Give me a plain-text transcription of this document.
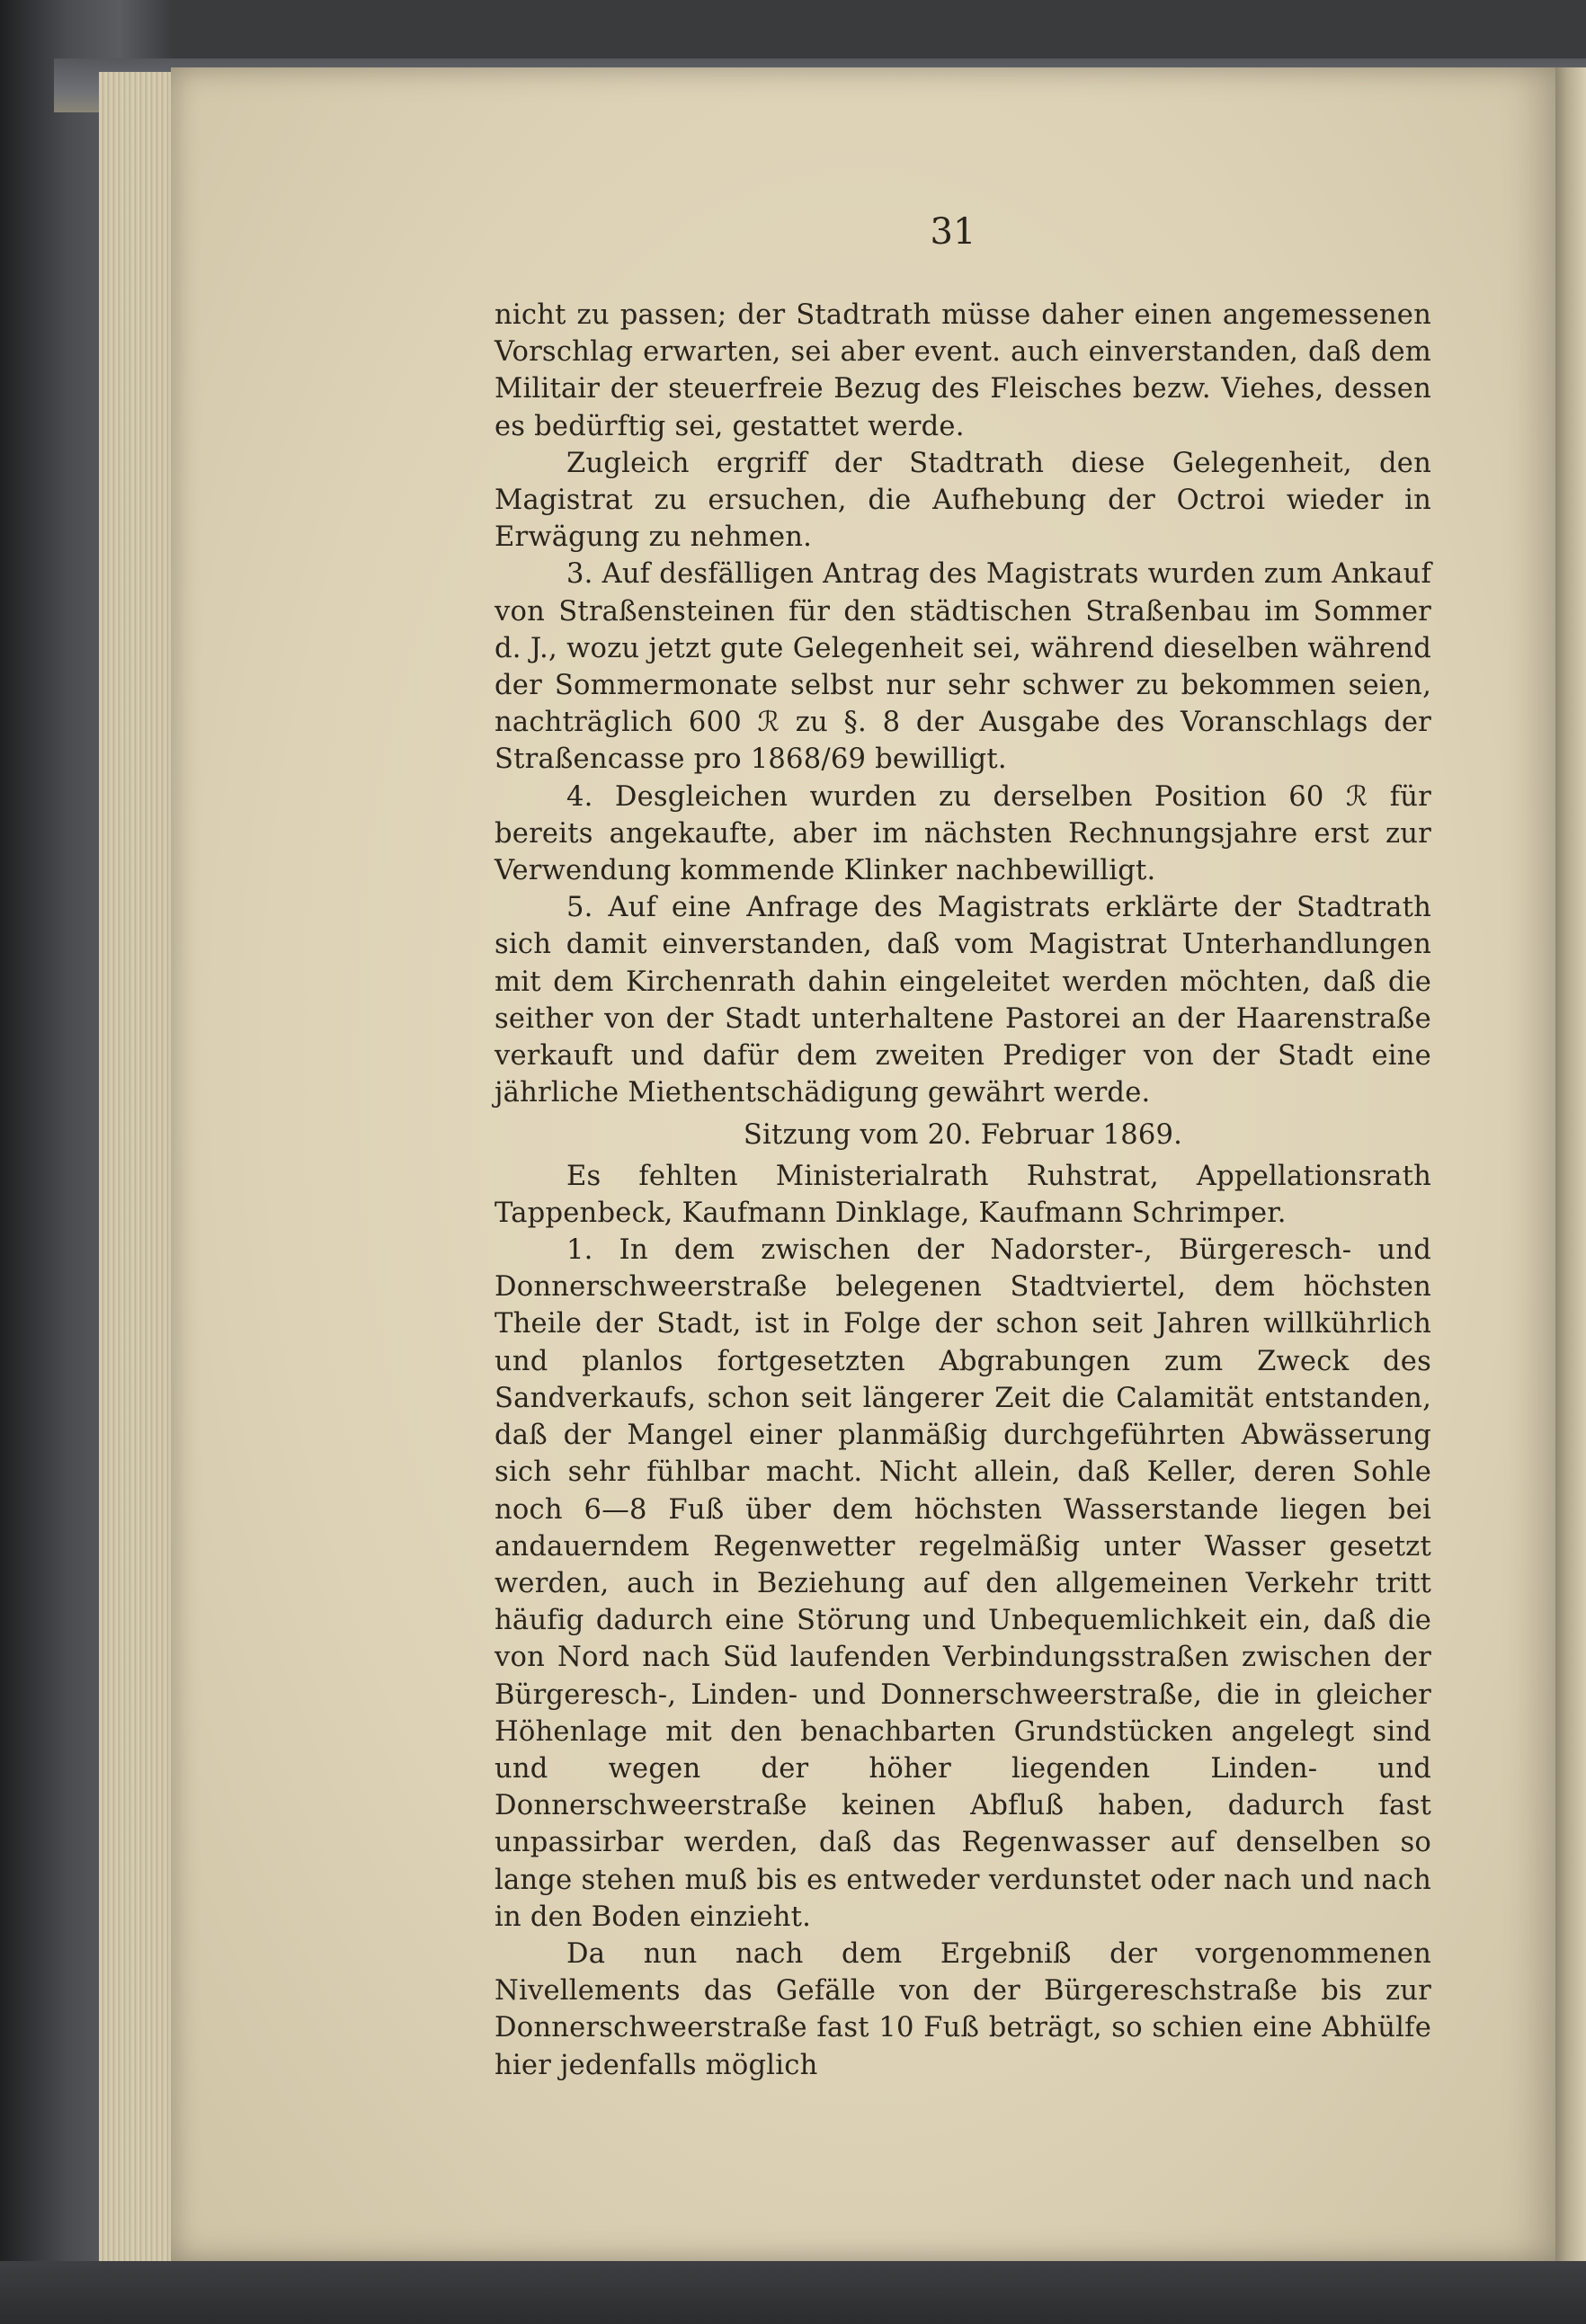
31

nicht zu passen; der Stadtrath müsse daher einen angemessenen Vorschlag erwarten, sei aber event. auch einverstanden, daß dem Militair der steuerfreie Bezug des Fleisches bezw. Viehes, dessen es bedürftig sei, gestattet werde.

Zugleich ergriff der Stadtrath diese Gelegenheit, den Magistrat zu ersuchen, die Aufhebung der Octroi wieder in Erwägung zu nehmen.

3. Auf desfälligen Antrag des Magistrats wurden zum Ankauf von Straßensteinen für den städtischen Straßenbau im Sommer d. J., wozu jetzt gute Gelegenheit sei, während dieselben während der Sommermonate selbst nur sehr schwer zu bekommen seien, nachträglich 600 ℛ zu §. 8 der Ausgabe des Voranschlags der Straßencasse pro 1868/69 bewilligt.

4. Desgleichen wurden zu derselben Position 60 ℛ für bereits angekaufte, aber im nächsten Rechnungsjahre erst zur Verwendung kommende Klinker nachbewilligt.

5. Auf eine Anfrage des Magistrats erklärte der Stadtrath sich damit einverstanden, daß vom Magistrat Unterhandlungen mit dem Kirchenrath dahin eingeleitet werden möchten, daß die seither von der Stadt unterhaltene Pastorei an der Haarenstraße verkauft und dafür dem zweiten Prediger von der Stadt eine jährliche Miethentschädigung gewährt werde.

Sitzung vom 20. Februar 1869.

Es fehlten Ministerialrath Ruhstrat, Appellationsrath Tappenbeck, Kaufmann Dinklage, Kaufmann Schrimper.

1. In dem zwischen der Nadorster-, Bürgeresch- und Donnerschweerstraße belegenen Stadtviertel, dem höchsten Theile der Stadt, ist in Folge der schon seit Jahren willkührlich und planlos fortgesetzten Abgrabungen zum Zweck des Sandverkaufs, schon seit längerer Zeit die Calamität entstanden, daß der Mangel einer planmäßig durchgeführten Abwässerung sich sehr fühlbar macht. Nicht allein, daß Keller, deren Sohle noch 6—8 Fuß über dem höchsten Wasserstande liegen bei andauerndem Regenwetter regelmäßig unter Wasser gesetzt werden, auch in Beziehung auf den allgemeinen Verkehr tritt häufig dadurch eine Störung und Unbequemlichkeit ein, daß die von Nord nach Süd laufenden Verbindungsstraßen zwischen der Bürgeresch-, Linden- und Donnerschweerstraße, die in gleicher Höhenlage mit den benachbarten Grundstücken angelegt sind und wegen der höher liegenden Linden- und Donnerschweerstraße keinen Abfluß haben, dadurch fast unpassirbar werden, daß das Regenwasser auf denselben so lange stehen muß bis es entweder verdunstet oder nach und nach in den Boden einzieht.

Da nun nach dem Ergebniß der vorgenommenen Nivellements das Gefälle von der Bürgereschstraße bis zur Donnerschweerstraße fast 10 Fuß beträgt, so schien eine Abhülfe hier jedenfalls möglich
